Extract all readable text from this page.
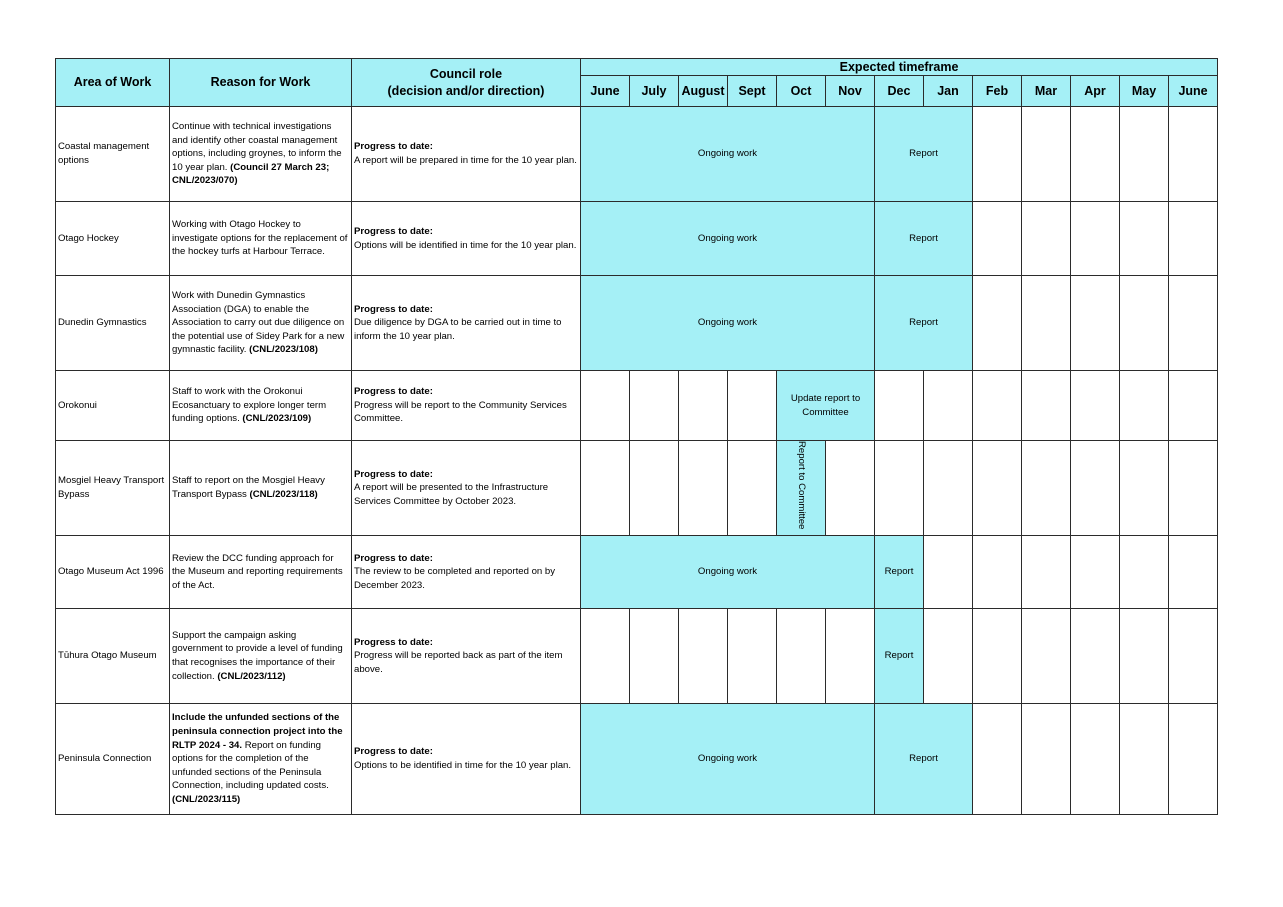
Area of Work	Reason for Work	Council role
(decision and/or direction)	Expected timeframe												
			June	July	August	Sept	Oct	Nov	Dec	Jan	Feb	Mar	Apr	May	June
Coastal management options	Continue with technical investigations and identify other coastal management options, including groynes, to inform the 10 year plan. (Council 27 March 23; CNL/2023/070)	Progress to date:
A report will be prepared in time for the 10 year plan.	Ongoing work						Report						
Otago Hockey	Working with Otago Hockey to investigate options for the replacement of the hockey turfs at Harbour Terrace.	Progress to date:
Options will be identified in time for the 10 year plan.	Ongoing work						Report						
Dunedin Gymnastics	Work with Dunedin Gymnastics Association (DGA) to enable the Association to carry out due diligence on the potential use of Sidey Park for a new gymnastic facility. (CNL/2023/108)	Progress to date:
Due diligence by DGA to be carried out in time to inform the 10 year plan.	Ongoing work						Report						
Orokonui	Staff to work with the Orokonui Ecosanctuary to explore longer term funding options. (CNL/2023/109)	Progress to date:
Progress will be report to the Community Services Committee.					Update report to Committee								
Mosgiel Heavy Transport Bypass	Staff to report on the Mosgiel Heavy Transport Bypass (CNL/2023/118)	Progress to date:
A report will be presented to the Infrastructure Services Committee by October 2023.					Report to Committee								
Otago Museum Act 1996	Review the DCC funding approach for the Museum and reporting requirements of the Act.	Progress to date:
The review to be completed and reported on by December 2023.	Ongoing work						Report						
Tūhura Otago Museum	Support the campaign asking government to provide a level of funding that recognises the importance of their collection. (CNL/2023/112)	Progress to date:
Progress will be reported back as part of the item above.							Report						
Peninsula Connection	Include the unfunded sections of the peninsula connection project into the RLTP 2024 - 34. Report on funding options for the completion of the unfunded sections of the Peninsula Connection, including updated costs. (CNL/2023/115)	Progress to date:
Options to be identified in time for the 10 year plan.	Ongoing work						Report						
